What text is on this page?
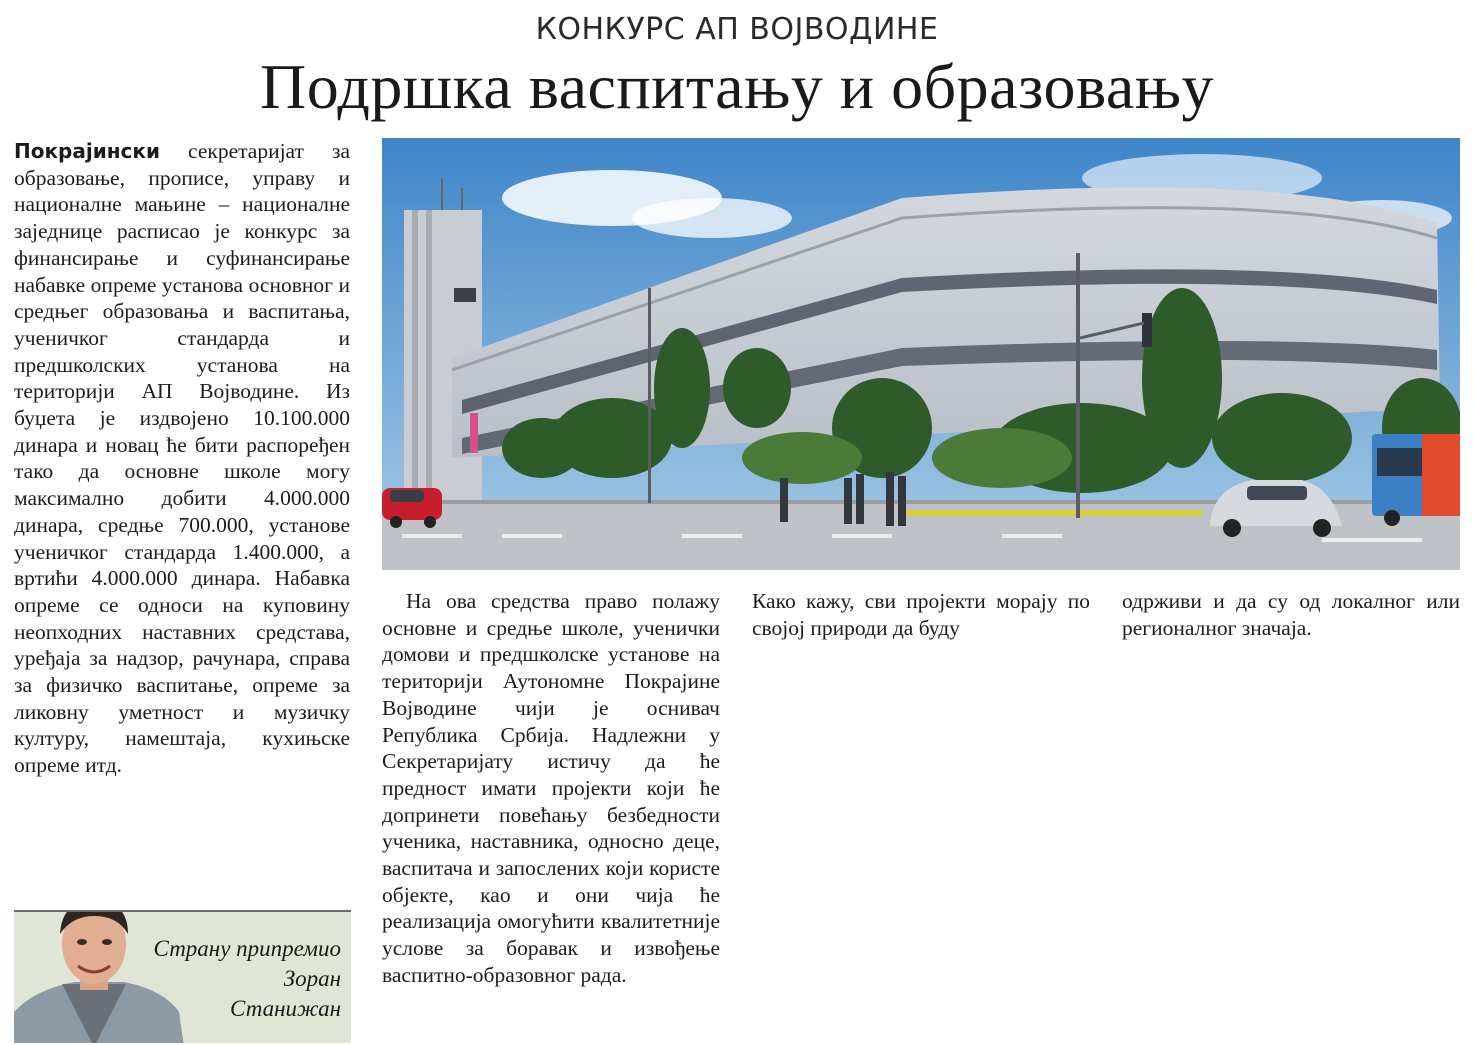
КОНКУРС АП ВОЈВОДИНЕ
Подршка васпитању и образовању

Покрајински секретаријат за образовање, прописе, управу и националне мањине – националне заједнице расписао је конкурс за финансирање и суфинансирање набавке опреме установа основног и средњег образовања и васпитања, ученичког стандарда и предшколских установа на територији АП Војводине. Из буџета је издвојено 10.100.000 динара и новац ће бити распоређен тако да основне школе могу максимално добити 4.000.000 динара, средње 700.000, установе ученичког стандарда 1.400.000, а вртићи 4.000.000 динара. Набавка опреме се односи на куповину неопходних наставних средстава, уређаја за надзор, рачунара, справа за физичко васпитање, опреме за ликовну уметност и музичку културу, намештаја, кухињске опреме итд.

На ова средства право полажу основне и средње школе, ученички домови и предшколске установе на територији Аутономне Покрајине Војводине чији је оснивач Република Србија. Надлежни у Секретаријату истичу да ће предност имати пројекти који ће допринети повећању безбедности ученика, наставника, односно деце, васпитача и запослених који користе објекте, као и они чија ће реализација омогућити квалитетније услове за боравак и извођење васпитно-образовног рада.

Како кажу, сви пројекти морају по својој природи да буду

одрживи и да су од локалног или регионалног значаја.

Страну припремио
Зоран
Станижан
